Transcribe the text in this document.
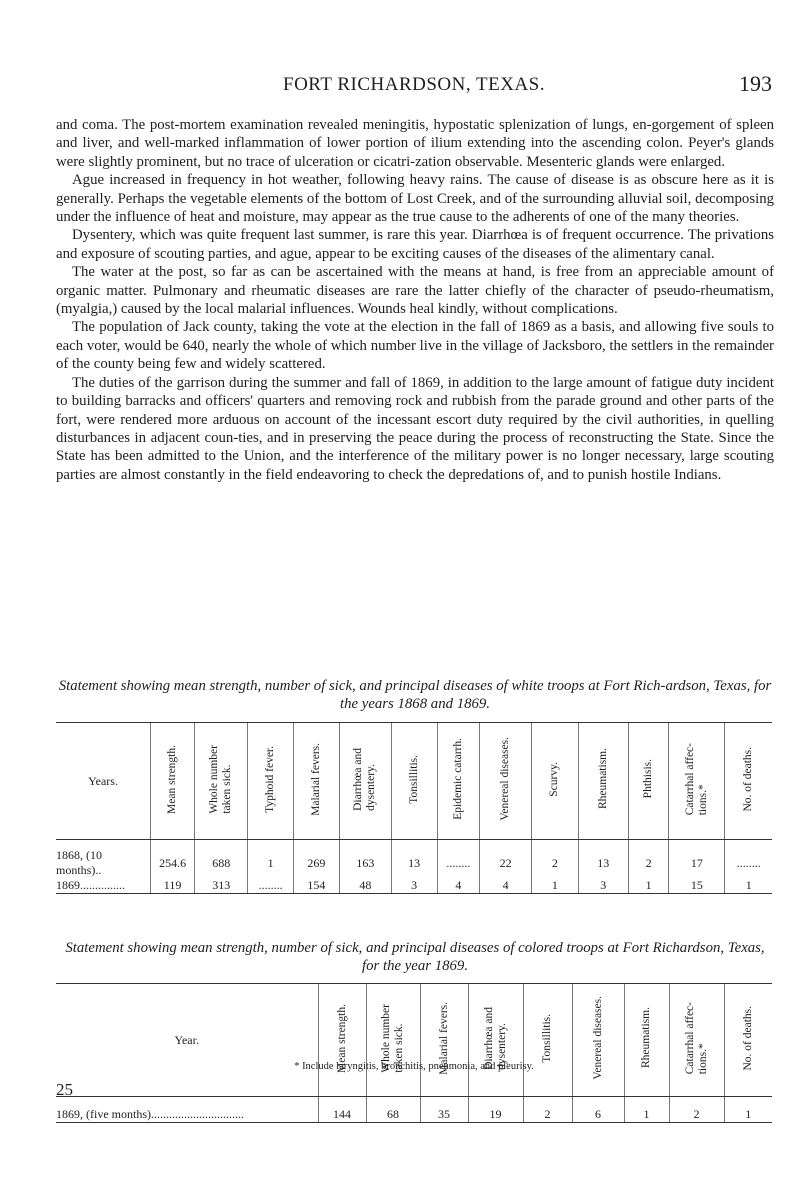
FORT RICHARDSON, TEXAS.	193

and coma. The post-mortem examination revealed meningitis, hypostatic splenization of lungs, en-gorgement of spleen and liver, and well-marked inflammation of lower portion of ilium extending into the ascending colon. Peyer's glands were slightly prominent, but no trace of ulceration or cicatri-zation observable. Mesenteric glands were enlarged.

Ague increased in frequency in hot weather, following heavy rains. The cause of disease is as obscure here as it is generally. Perhaps the vegetable elements of the bottom of Lost Creek, and of the surrounding alluvial soil, decomposing under the influence of heat and moisture, may appear as the true cause to the adherents of one of the many theories.

Dysentery, which was quite frequent last summer, is rare this year. Diarrhœa is of frequent occurrence. The privations and exposure of scouting parties, and ague, appear to be exciting causes of the diseases of the alimentary canal.

The water at the post, so far as can be ascertained with the means at hand, is free from an appreciable amount of organic matter. Pulmonary and rheumatic diseases are rare the latter chiefly of the character of pseudo-rheumatism, (myalgia,) caused by the local malarial influences. Wounds heal kindly, without complications.

The population of Jack county, taking the vote at the election in the fall of 1869 as a basis, and allowing five souls to each voter, would be 640, nearly the whole of which number live in the village of Jacksboro, the settlers in the remainder of the county being few and widely scattered.

The duties of the garrison during the summer and fall of 1869, in addition to the large amount of fatigue duty incident to building barracks and officers' quarters and removing rock and rubbish from the parade ground and other parts of the fort, were rendered more arduous on account of the incessant escort duty required by the civil authorities, in quelling disturbances in adjacent coun-ties, and in preserving the peace during the process of reconstructing the State. Since the State has been admitted to the Union, and the interference of the military power is no longer necessary, large scouting parties are almost constantly in the field endeavoring to check the depredations of, and to punish hostile Indians.

Statement showing mean strength, number of sick, and principal diseases of white troops at Fort Rich-ardson, Texas, for the years 1868 and 1869.
Years.	Mean strength.	Whole number
taken sick.	Typhoid fever.	Malarial fevers.	Diarrhœa and
dysentery.	Tonsillitis.	Epidemic catarrh.	Venereal diseases.	Scurvy.	Rheumatism.	Phthisis.	Catarrhal affec-
tions.*	No. of deaths.
1868, (10 months)..	254.6	688	1	269	163	13	........	22	2	13	2	17	........
1869...............	119	313	........	154	48	3	4	4	1	3	1	15	1
Statement showing mean strength, number of sick, and principal diseases of colored troops at Fort Richardson, Texas, for the year 1869.
Year.	Mean strength.	Whole number
taken sick.	Malarial fevers.	Diarrhœa and
dysentery.	Tonsillitis.	Venereal diseases.	Rheumatism.	Catarrhal affec-
tions.*	No. of deaths.
1869, (five months)...............................	144	68	35	19	2	6	1	2	1
* Include laryngitis, bronchitis, pneumonia, and pleurisy.
25
